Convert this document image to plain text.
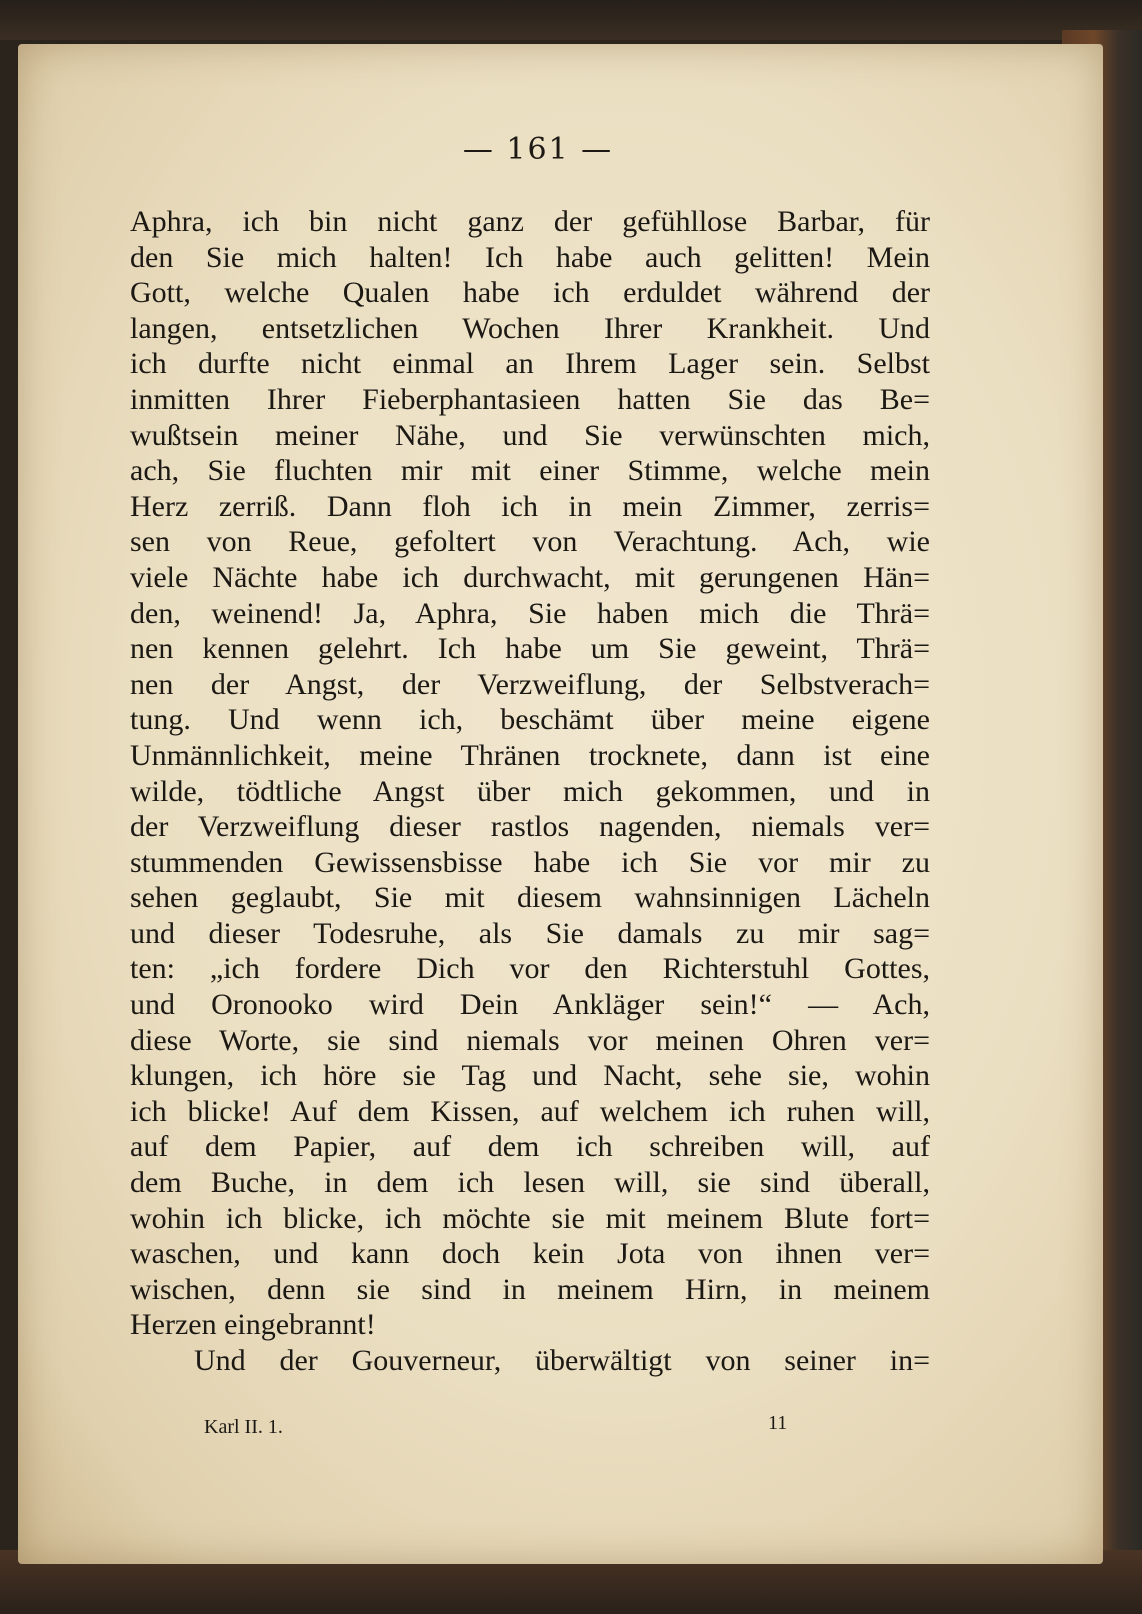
— 161 —
Aphra, ich bin nicht ganz der gefühllose Barbar, für
den Sie mich halten! Ich habe auch gelitten! Mein
Gott, welche Qualen habe ich erduldet während der
langen, entsetzlichen Wochen Ihrer Krankheit. Und
ich durfte nicht einmal an Ihrem Lager sein. Selbst
inmitten Ihrer Fieberphantasieen hatten Sie das Be=
wußtsein meiner Nähe, und Sie verwünschten mich,
ach, Sie fluchten mir mit einer Stimme, welche mein
Herz zerriß. Dann floh ich in mein Zimmer, zerris=
sen von Reue, gefoltert von Verachtung. Ach, wie
viele Nächte habe ich durchwacht, mit gerungenen Hän=
den, weinend! Ja, Aphra, Sie haben mich die Thrä=
nen kennen gelehrt. Ich habe um Sie geweint, Thrä=
nen der Angst, der Verzweiflung, der Selbstverach=
tung. Und wenn ich, beschämt über meine eigene
Unmännlichkeit, meine Thränen trocknete, dann ist eine
wilde, tödtliche Angst über mich gekommen, und in
der Verzweiflung dieser rastlos nagenden, niemals ver=
stummenden Gewissensbisse habe ich Sie vor mir zu
sehen geglaubt, Sie mit diesem wahnsinnigen Lächeln
und dieser Todesruhe, als Sie damals zu mir sag=
ten: „ich fordere Dich vor den Richterstuhl Gottes,
und Oronooko wird Dein Ankläger sein!“ — Ach,
diese Worte, sie sind niemals vor meinen Ohren ver=
klungen, ich höre sie Tag und Nacht, sehe sie, wohin
ich blicke! Auf dem Kissen, auf welchem ich ruhen will,
auf dem Papier, auf dem ich schreiben will, auf
dem Buche, in dem ich lesen will, sie sind überall,
wohin ich blicke, ich möchte sie mit meinem Blute fort=
waschen, und kann doch kein Jota von ihnen ver=
wischen, denn sie sind in meinem Hirn, in meinem
Herzen eingebrannt!
Und der Gouverneur, überwältigt von seiner in=
Karl II. 1.	11
